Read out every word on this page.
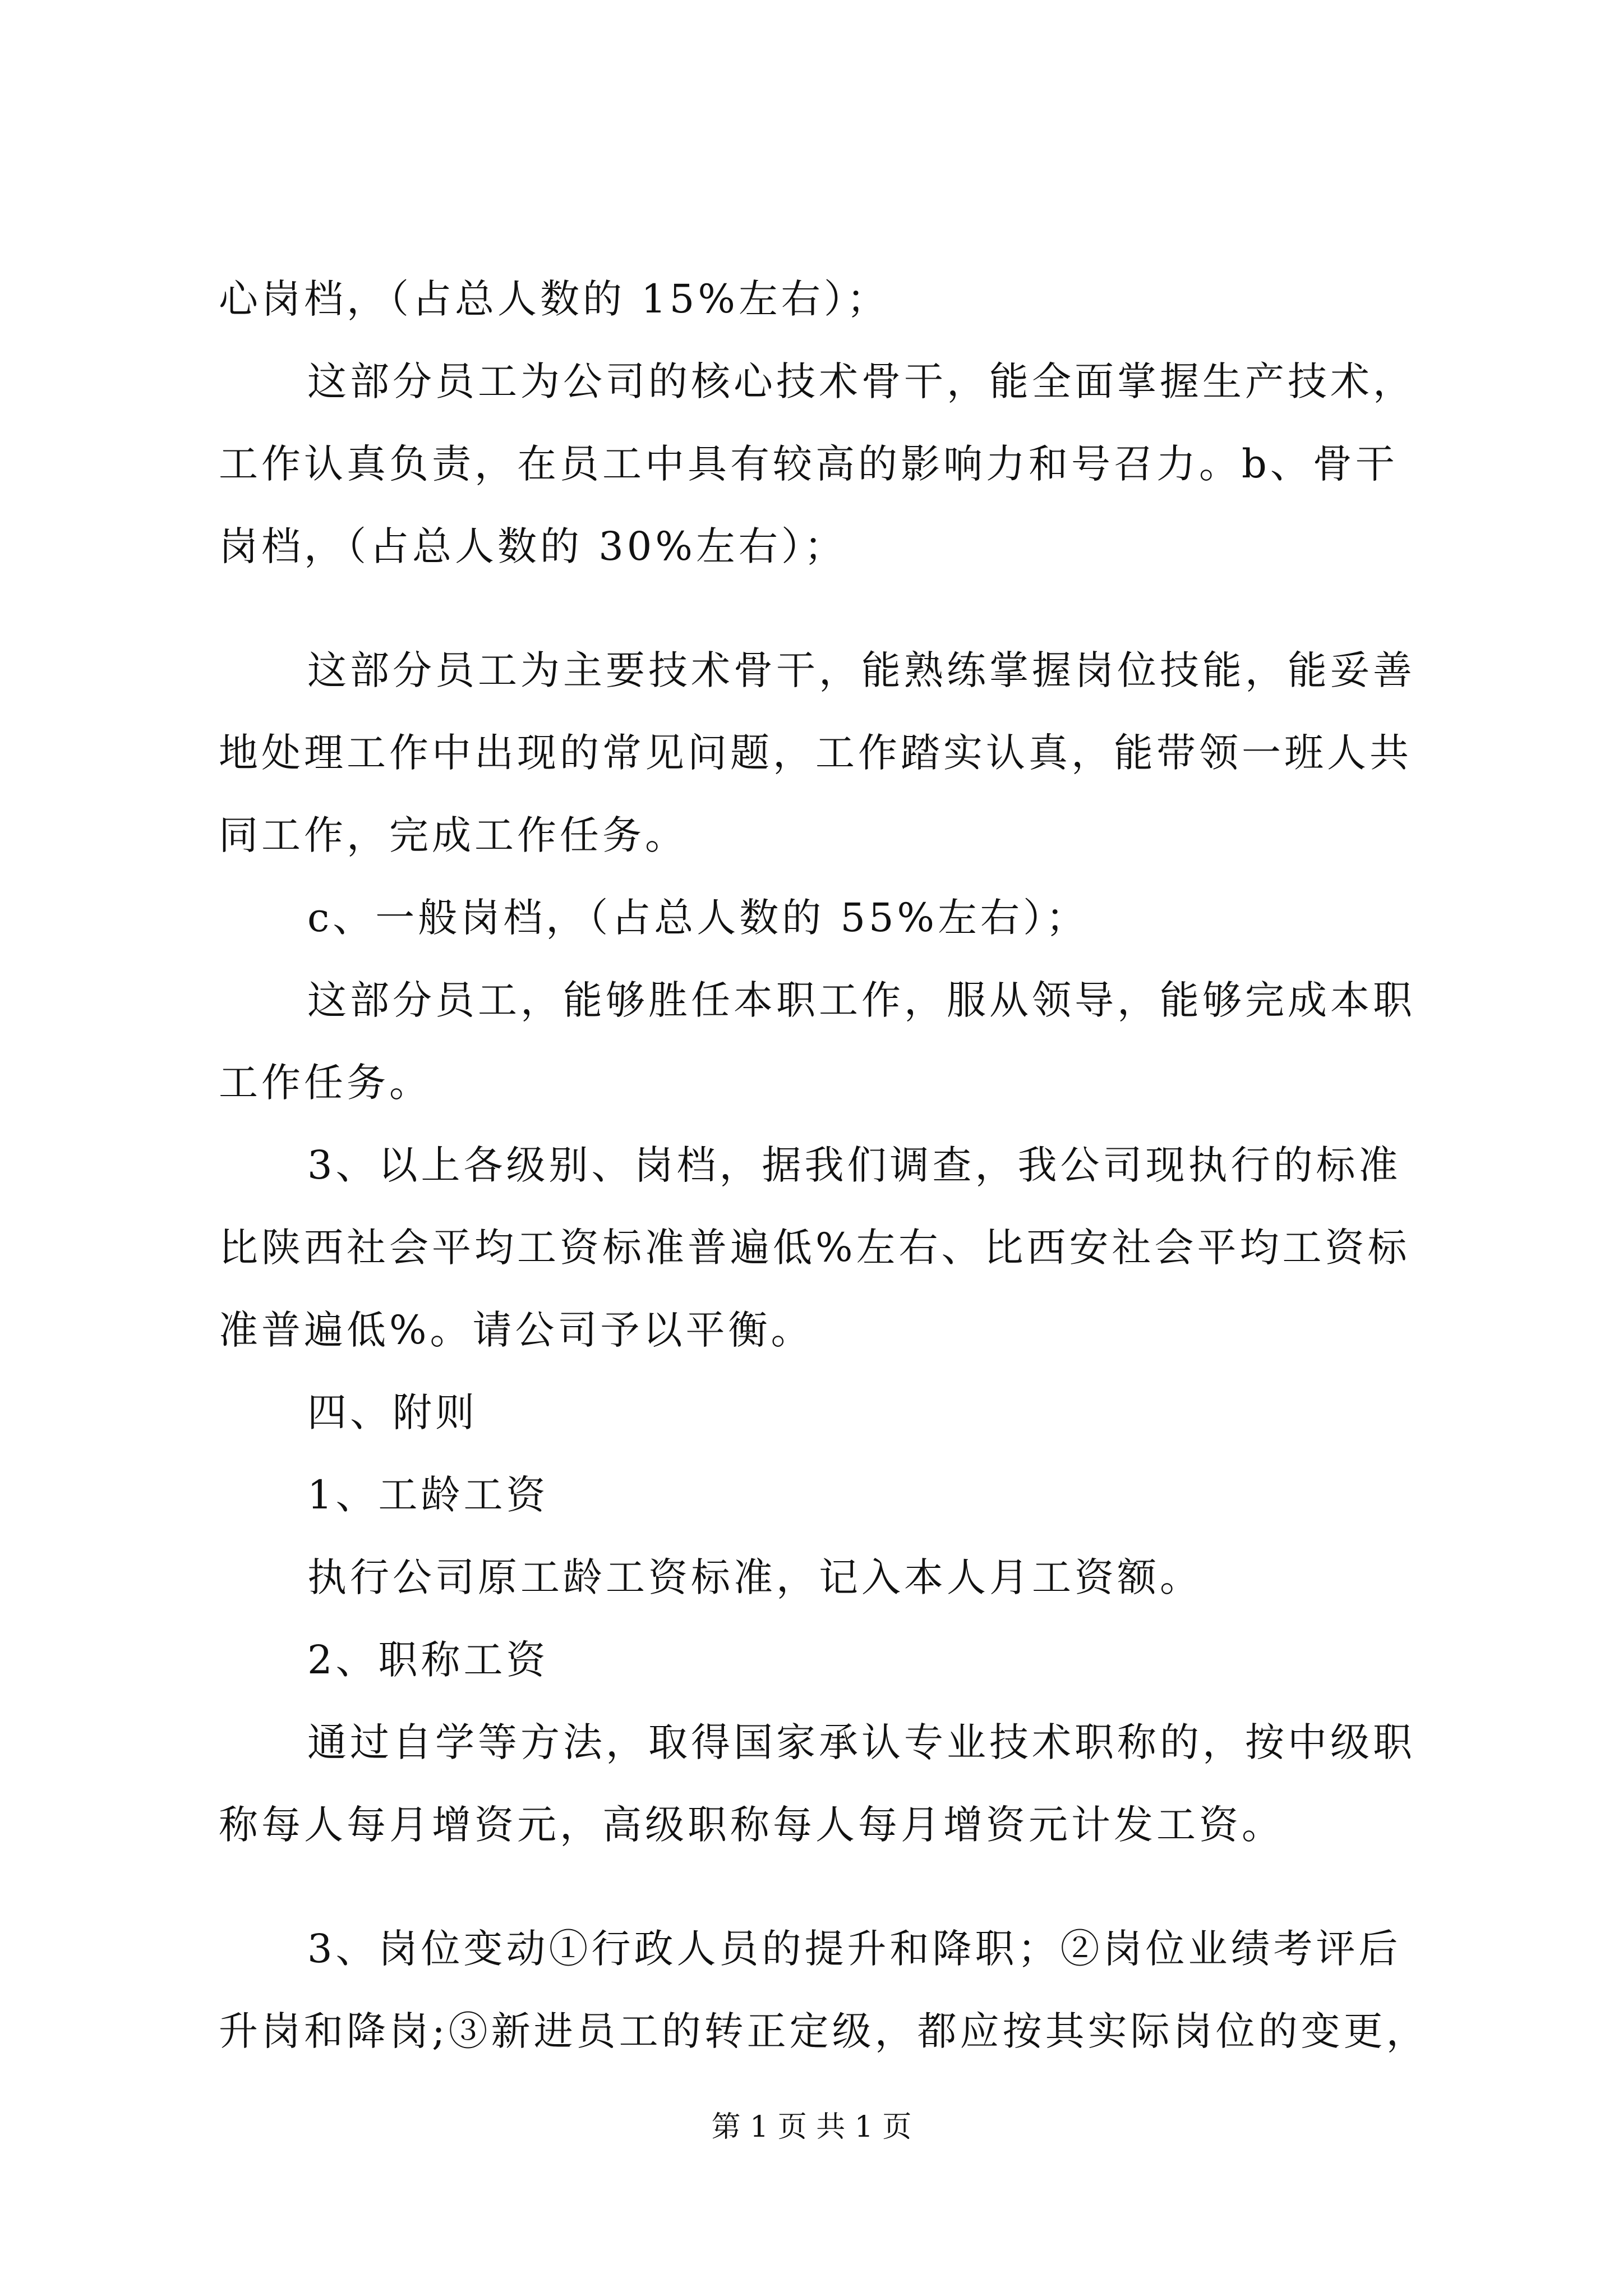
心岗档，（占总人数的 15%左右）；
这部分员工为公司的核心技术骨干，能全面掌握生产技术，
工作认真负责，在员工中具有较高的影响力和号召力。b、骨干
岗档，（占总人数的 30%左右）；
这部分员工为主要技术骨干，能熟练掌握岗位技能，能妥善
地处理工作中出现的常见问题，工作踏实认真，能带领一班人共
同工作，完成工作任务。
c、一般岗档，（占总人数的 55%左右）；
这部分员工，能够胜任本职工作，服从领导，能够完成本职
工作任务。
3、以上各级别、岗档，据我们调查，我公司现执行的标准
比陕西社会平均工资标准普遍低%左右、比西安社会平均工资标
准普遍低%。请公司予以平衡。
四、附则
1、工龄工资
执行公司原工龄工资标准，记入本人月工资额。
2、职称工资
通过自学等方法，取得国家承认专业技术职称的，按中级职
称每人每月增资元，高级职称每人每月增资元计发工资。
3、岗位变动①行政人员的提升和降职；②岗位业绩考评后
升岗和降岗;③新进员工的转正定级，都应按其实际岗位的变更，
第 1 页 共 1 页
